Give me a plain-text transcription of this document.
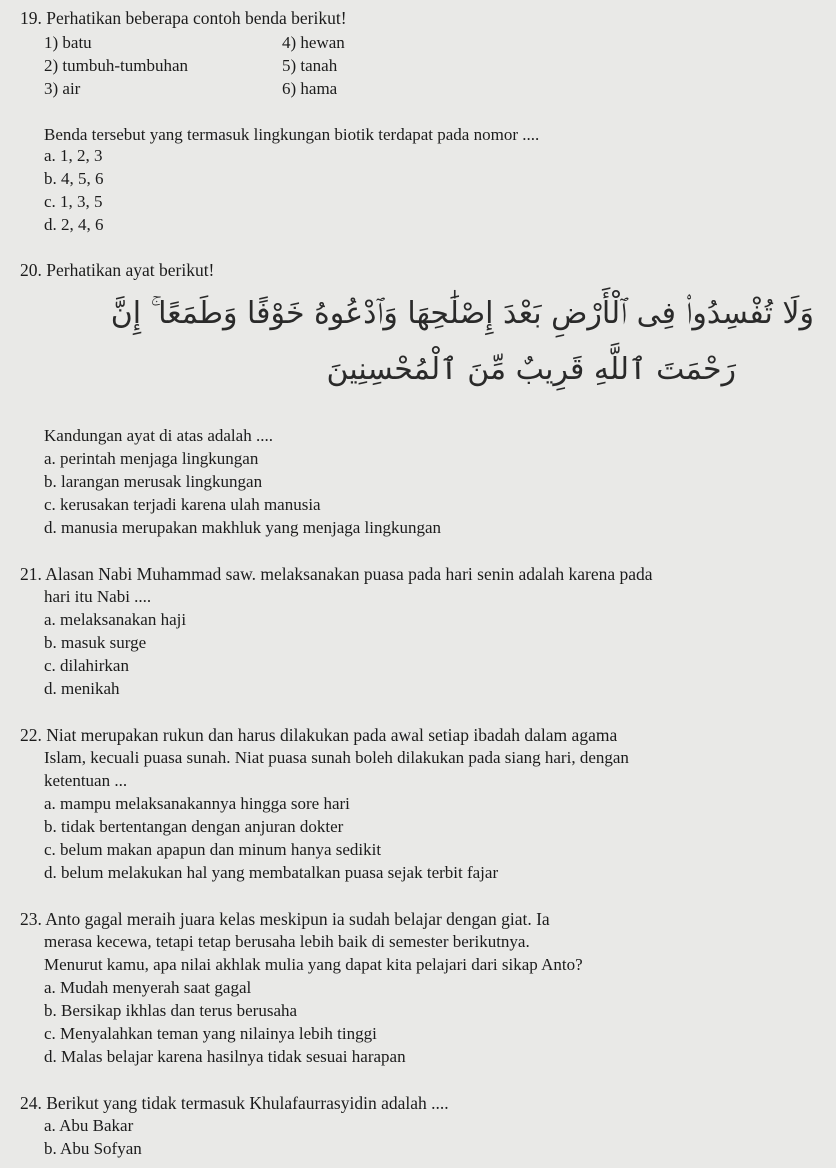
19. Perhatikan beberapa contoh benda berikut!
1) batu	4) hewan
2) tumbuh-tumbuhan	5) tanah
3) air	6) hama
Benda tersebut yang termasuk lingkungan biotik terdapat pada nomor ....
a. 1, 2, 3
b. 4, 5, 6
c. 1, 3, 5
d. 2, 4, 6
20. Perhatikan ayat berikut!
وَلَا تُفْسِدُوا۟ فِى ٱلْأَرْضِ بَعْدَ إِصْلَٰحِهَا وَٱدْعُوهُ خَوْفًا وَطَمَعًا ۚ إِنَّ
رَحْمَتَ ٱللَّهِ قَرِيبٌ مِّنَ ٱلْمُحْسِنِينَ
Kandungan ayat di atas adalah ....
a. perintah menjaga lingkungan
b. larangan merusak lingkungan
c. kerusakan terjadi karena ulah manusia
d. manusia merupakan makhluk yang menjaga lingkungan
21. Alasan Nabi Muhammad saw. melaksanakan puasa pada hari senin adalah karena pada
hari itu Nabi ....
a. melaksanakan haji
b. masuk surge
c. dilahirkan
d. menikah
22. Niat merupakan rukun dan harus dilakukan pada awal setiap ibadah dalam agama
Islam, kecuali puasa sunah. Niat puasa sunah boleh dilakukan pada siang hari, dengan
ketentuan ...
a. mampu melaksanakannya hingga sore hari
b. tidak bertentangan dengan anjuran dokter
c. belum makan apapun dan minum hanya sedikit
d. belum melakukan hal yang membatalkan puasa sejak terbit fajar
23. Anto gagal meraih juara kelas meskipun ia sudah belajar dengan giat. Ia
merasa kecewa, tetapi tetap berusaha lebih baik di semester berikutnya.
Menurut kamu, apa nilai akhlak mulia yang dapat kita pelajari dari sikap Anto?
a. Mudah menyerah saat gagal
b. Bersikap ikhlas dan terus berusaha
c. Menyalahkan teman yang nilainya lebih tinggi
d. Malas belajar karena hasilnya tidak sesuai harapan
24. Berikut yang tidak termasuk Khulafaurrasyidin adalah ....
a. Abu Bakar
b. Abu Sofyan
